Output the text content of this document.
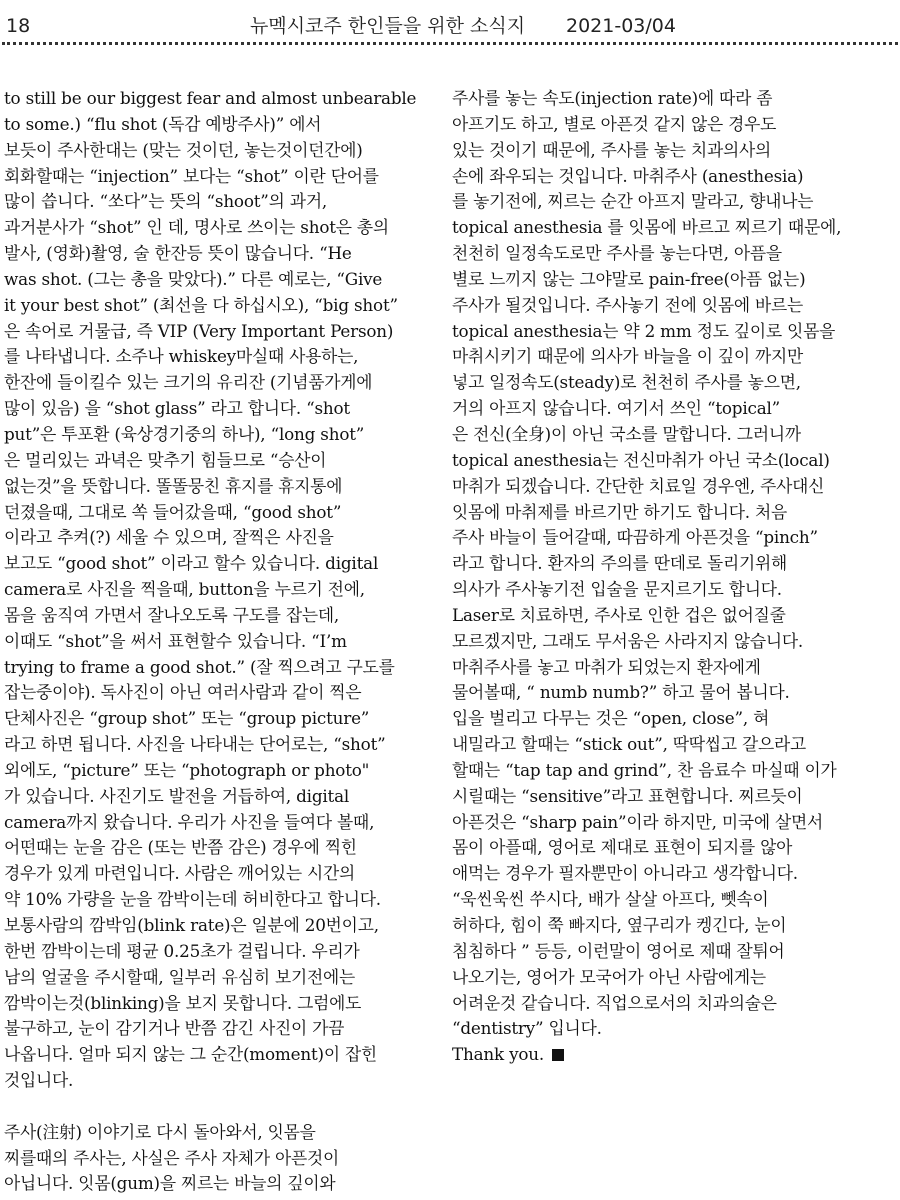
18	뉴멕시코주 한인들을 위한 소식지 2021-03/04
to still be our biggest fear and almost unbearable
to some.) “flu shot (독감 예방주사)” 에서
보듯이 주사한대는 (맞는 것이던, 놓는것이던간에)
회화할때는 “injection” 보다는 “shot” 이란 단어를
많이 씁니다. “쏘다”는 뜻의 “shoot”의 과거,
과거분사가 “shot” 인 데, 명사로 쓰이는 shot은 총의
발사, (영화)촬영, 술 한잔등 뜻이 많습니다. “He
was shot. (그는 총을 맞았다).” 다른 예로는, “Give
it your best shot” (최선을 다 하십시오), “big shot”
은 속어로 거물급, 즉 VIP (Very Important Person)
를 나타냅니다. 소주나 whiskey마실때 사용하는,
한잔에 들이킬수 있는 크기의 유리잔 (기념품가게에
많이 있음) 을 “shot glass” 라고 합니다. “shot
put”은 투포환 (육상경기중의 하나), “long shot”
은 멀리있는 과녁은 맞추기 힘들므로 “승산이
없는것”을 뜻합니다. 똘똘뭉친 휴지를 휴지통에
던졌을때, 그대로 쏙 들어갔을때, “good shot”
이라고 추켜(?) 세울 수 있으며, 잘찍은 사진을
보고도 “good shot” 이라고 할수 있습니다. digital
camera로 사진을 찍을때, button을 누르기 전에,
몸을 움직여 가면서 잘나오도록 구도를 잡는데,
이때도 “shot”을 써서 표현할수 있습니다. “I’m
trying to frame a good shot.” (잘 찍으려고 구도를
잡는중이야). 독사진이 아닌 여러사람과 같이 찍은
단체사진은 “group shot” 또는 “group picture”
라고 하면 됩니다. 사진을 나타내는 단어로는, “shot”
외에도, “picture” 또는 “photograph or photo"
가 있습니다. 사진기도 발전을 거듭하여, digital
camera까지 왔습니다. 우리가 사진을 들여다 볼때,
어떤때는 눈을 감은 (또는 반쯤 감은) 경우에 찍힌
경우가 있게 마련입니다. 사람은 깨어있는 시간의
약 10% 가량을 눈을 깜박이는데 허비한다고 합니다.
보통사람의 깜박임(blink rate)은 일분에 20번이고,
한번 깜박이는데 평균 0.25초가 걸립니다. 우리가
남의 얼굴을 주시할때, 일부러 유심히 보기전에는
깜박이는것(blinking)을 보지 못합니다. 그럼에도
불구하고, 눈이 감기거나 반쯤 감긴 사진이 가끔
나옵니다. 얼마 되지 않는 그 순간(moment)이 잡힌
것입니다.
주사(注射) 이야기로 다시 돌아와서, 잇몸을
찌를때의 주사는, 사실은 주사 자체가 아픈것이
아닙니다. 잇몸(gum)을 찌르는 바늘의 깊이와
주사를 놓는 속도(injection rate)에 따라 좀
아프기도 하고, 별로 아픈것 같지 않은 경우도
있는 것이기 때문에, 주사를 놓는 치과의사의
손에 좌우되는 것입니다. 마취주사 (anesthesia)
를 놓기전에, 찌르는 순간 아프지 말라고, 향내나는
topical anesthesia 를 잇몸에 바르고 찌르기 때문에,
천천히 일정속도로만 주사를 놓는다면, 아픔을
별로 느끼지 않는 그야말로 pain-free(아픔 없는)
주사가 될것입니다. 주사놓기 전에 잇몸에 바르는
topical anesthesia는 약 2 mm 정도 깊이로 잇몸을
마취시키기 때문에 의사가 바늘을 이 깊이 까지만
넣고 일정속도(steady)로 천천히 주사를 놓으면,
거의 아프지 않습니다. 여기서 쓰인 “topical”
은 전신(全身)이 아닌 국소를 말합니다. 그러니까
topical anesthesia는 전신마취가 아닌 국소(local)
마취가 되겠습니다. 간단한 치료일 경우엔, 주사대신
잇몸에 마취제를 바르기만 하기도 합니다. 처음
주사 바늘이 들어갈때, 따끔하게 아픈것을 “pinch”
라고 합니다. 환자의 주의를 딴데로 돌리기위해
의사가 주사놓기전 입술을 문지르기도 합니다.
Laser로 치료하면, 주사로 인한 겁은 없어질줄
모르겠지만, 그래도 무서움은 사라지지 않습니다.
마취주사를 놓고 마취가 되었는지 환자에게
물어볼때, “ numb numb?” 하고 물어 봅니다.
입을 벌리고 다무는 것은 “open, close”, 혀
내밀라고 할때는 “stick out”, 딱딱씹고 갈으라고
할때는 “tap tap and grind”, 찬 음료수 마실때 이가
시릴때는 “sensitive”라고 표현합니다. 찌르듯이
아픈것은 “sharp pain”이라 하지만, 미국에 살면서
몸이 아플때, 영어로 제대로 표현이 되지를 않아
애먹는 경우가 필자뿐만이 아니라고 생각합니다.
“욱씬욱씬 쑤시다, 배가 살살 아프다, 뻿속이
허하다, 힘이 쭉 빠지다, 옆구리가 켕긴다, 눈이
침침하다 ” 등등, 이런말이 영어로 제때 잘튀어
나오기는, 영어가 모국어가 아닌 사람에게는
어려운것 같습니다. 직업으로서의 치과의술은
“dentistry” 입니다.
Thank you.
